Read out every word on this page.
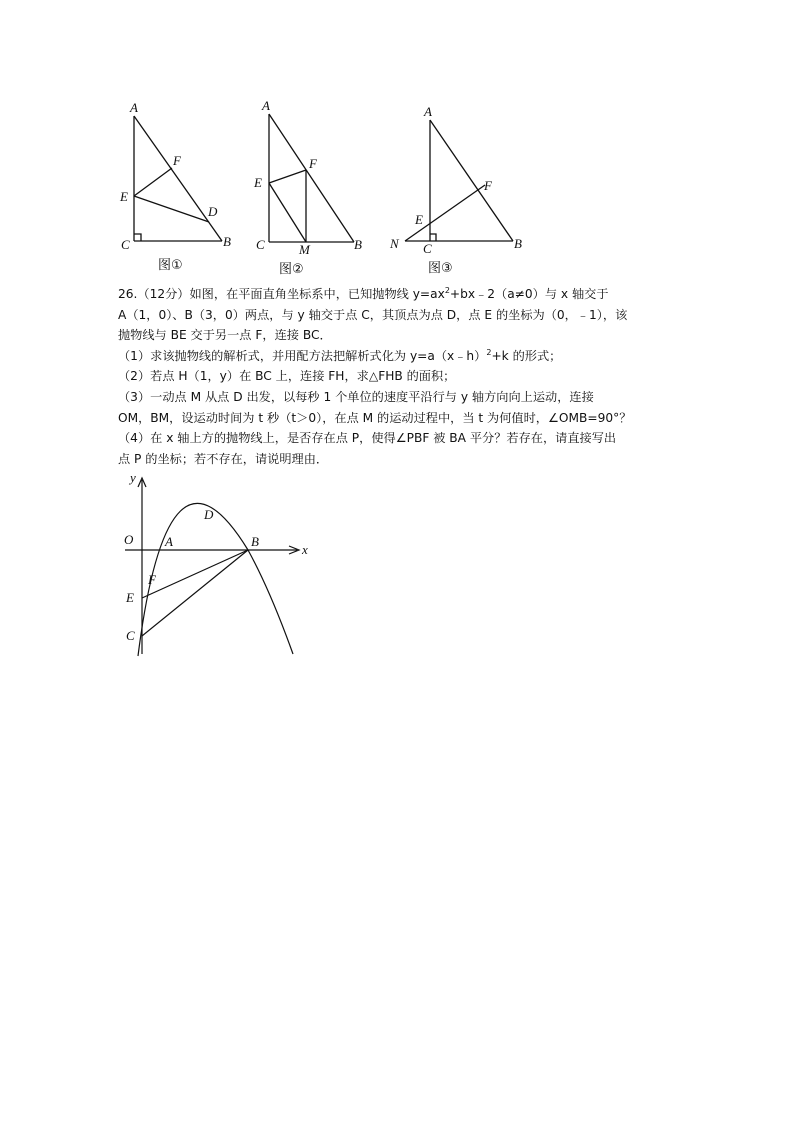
A
F
E
D
C	B
图①
A
F
E
C	M	B
图②
A
F
E
N C	B
图③

26.（12分）如图，在平面直角坐标系中，已知抛物线 $y=ax^2+bx﹣2(a\ne 0)$与 x 轴交于

A（1，0）、B（3，0）两点，与 y 轴交于点 C，其顶点为点 D，点 E 的坐标为（0，﹣1），该

抛物线与 BE 交于另一点 F，连接 BC．

（1）求该抛物线的解析式，并用配方法把解析式化为 y=a（x﹣h）$^2$+k 的形式；

（2）若点 H（1，y）在 BC 上，连接 FH，求△FHB 的面积；

（3）一动点 M 从点 D 出发，以每秒 1 个单位的速度平沿行与 y 轴方向向上运动，连接

OM，BM，设运动时间为 t 秒（t＞0），在点 M 的运动过程中，当 t 为何值时，∠OMB=90°？

（4）在 x 轴上方的抛物线上，是否存在点 P，使得∠PBF 被 BA 平分？若存在，请直接写出

点 P 的坐标；若不存在，请说明理由．

y
x
O A
D
B
F
E
C
